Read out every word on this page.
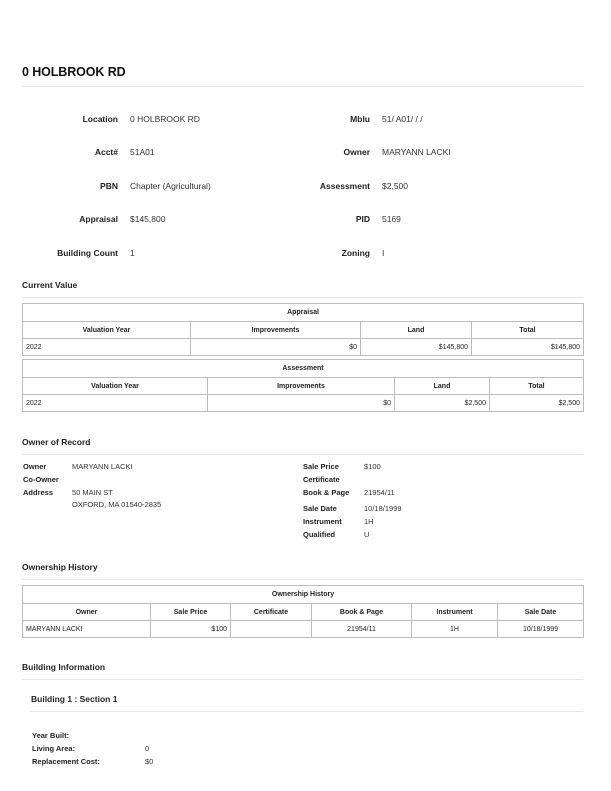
0 HOLBROOK RD
Location 0 HOLBROOK RD
Acct# 51A01
PBN Chapter (Agricultural)
Appraisal $145,800
Building Count 1
Mblu 51/ A01/ / /
Owner MARYANN LACKI
Assessment $2,500
PID 5169
Zoning I
Current Value
Appraisal			
Valuation Year	Improvements	Land	Total
2022	$0	$145,800	$145,800
Assessment			
Valuation Year	Improvements	Land	Total
2022	$0	$2,500	$2,500
Owner of Record
Owner	MARYANN LACKI
Co-Owner
Address	50 MAIN ST
OXFORD, MA 01540-2835
Sale Price	$100
Certificate
Book & Page 21954/11
Sale Date	10/18/1999
Instrument	1H
Qualified	U
Ownership History
Ownership History					
Owner	Sale Price	Certificate	Book & Page	Instrument	Sale Date
MARYANN LACKI	$100		21954/11	1H	10/18/1999
Building Information
Building 1 : Section 1
Year Built:
Living Area:	0
Replacement Cost:	$0
